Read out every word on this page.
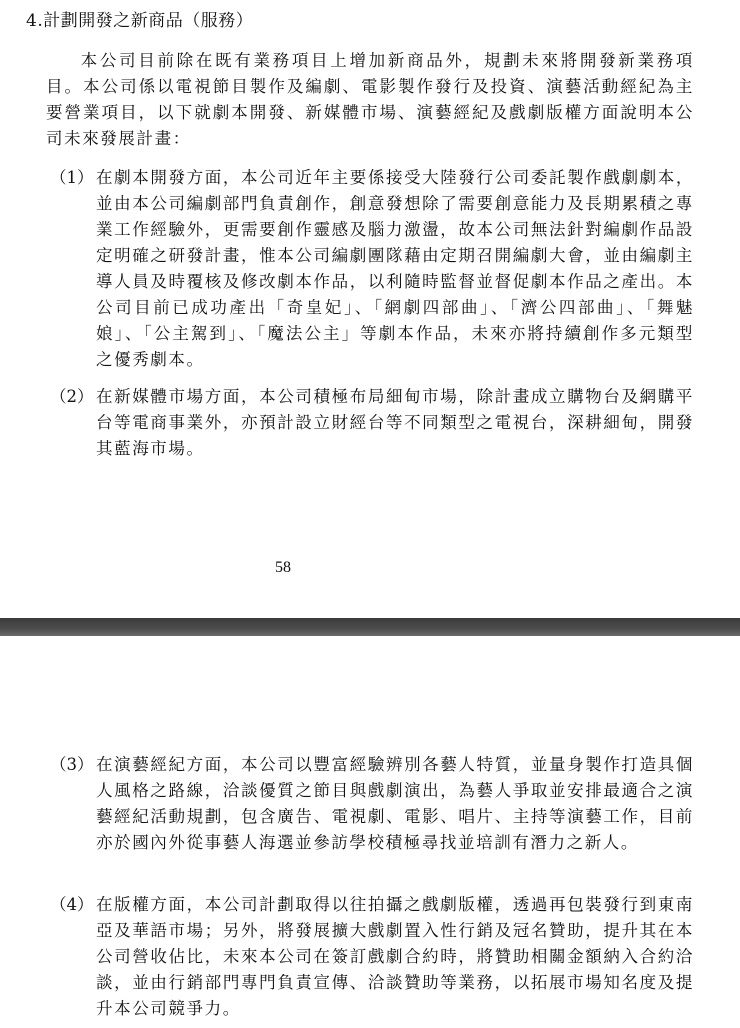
4.計劃開發之新商品（服務）
本公司目前除在既有業務項目上增加新商品外，規劃未來將開發新業務項目。本公司係以電視節目製作及編劇、電影製作發行及投資、演藝活動經紀為主要營業項目，以下就劇本開發、新媒體市場、演藝經紀及戲劇版權方面說明本公司未來發展計畫：
（1） 在劇本開發方面，本公司近年主要係接受大陸發行公司委託製作戲劇劇本，並由本公司編劇部門負責創作，創意發想除了需要創意能力及長期累積之專業工作經驗外，更需要創作靈感及腦力激盪，故本公司無法針對編劇作品設定明確之研發計畫，惟本公司編劇團隊藉由定期召開編劇大會，並由編劇主導人員及時覆核及修改劇本作品，以利隨時監督並督促劇本作品之產出。本公司目前已成功產出「奇皇妃」、「網劇四部曲」、「濟公四部曲」、「舞魅娘」、「公主駕到」、「魔法公主」等劇本作品，未來亦將持續創作多元類型之優秀劇本。
（2） 在新媒體市場方面，本公司積極布局細甸市場，除計畫成立購物台及網購平台等電商事業外，亦預計設立財經台等不同類型之電視台，深耕細甸，開發其藍海市場。
58
（3） 在演藝經紀方面，本公司以豐富經驗辨別各藝人特質，並量身製作打造具個人風格之路線，洽談優質之節目與戲劇演出，為藝人爭取並安排最適合之演藝經紀活動規劃，包含廣告、電視劇、電影、唱片、主持等演藝工作，目前亦於國內外從事藝人海選並參訪學校積極尋找並培訓有潛力之新人。
（4） 在版權方面，本公司計劃取得以往拍攝之戲劇版權，透過再包裝發行到東南亞及華語市場；另外，將發展擴大戲劇置入性行銷及冠名贊助，提升其在本公司營收佔比，未來本公司在簽訂戲劇合約時，將贊助相關金額納入合約洽談，並由行銷部門專門負責宣傳、洽談贊助等業務，以拓展市場知名度及提升本公司競爭力。
